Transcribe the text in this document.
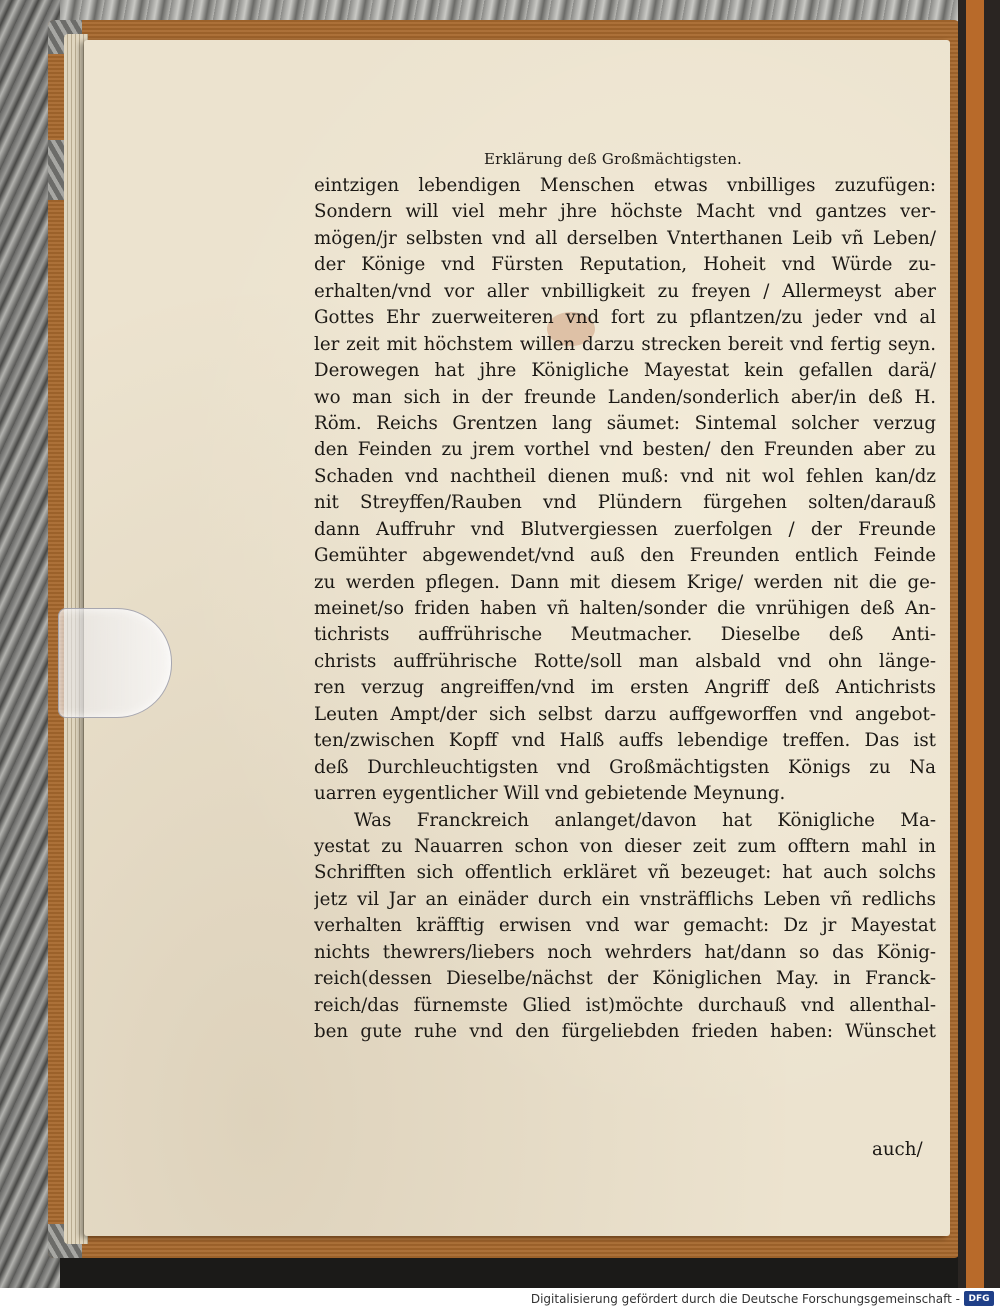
Erklärung deß Großmächtigsten.
eintzigen lebendigen Menschen etwas vnbilliges zuzufügen:
Sondern will viel mehr jhre höchste Macht vnd gantzes ver-
mögen/jr selbsten vnd all derselben Vnterthanen Leib vñ Leben/
der Könige vnd Fürsten Reputation, Hoheit vnd Würde zu-
erhalten/vnd vor aller vnbilligkeit zu freyen / Allermeyst aber
Gottes Ehr zuerweiteren vnd fort zu pflantzen/zu jeder vnd al
ler zeit mit höchstem willen darzu strecken bereit vnd fertig seyn.
Derowegen hat jhre Königliche Mayestat kein gefallen darä/
wo man sich in der freunde Landen/sonderlich aber/in deß H.
Röm. Reichs Grentzen lang säumet: Sintemal solcher verzug
den Feinden zu jrem vorthel vnd besten/ den Freunden aber zu
Schaden vnd nachtheil dienen muß: vnd nit wol fehlen kan/dz
nit Streyffen/Rauben vnd Plündern fürgehen solten/darauß
dann Auffruhr vnd Blutvergiessen zuerfolgen / der Freunde
Gemühter abgewendet/vnd auß den Freunden entlich Feinde
zu werden pflegen. Dann mit diesem Krige/ werden nit die ge-
meinet/so friden haben vñ halten/sonder die vnrühigen deß An-
tichrists auffrührische Meutmacher. Dieselbe deß Anti-
christs auffrührische Rotte/soll man alsbald vnd ohn länge-
ren verzug angreiffen/vnd im ersten Angriff deß Antichrists
Leuten Ampt/der sich selbst darzu auffgeworffen vnd angebot-
ten/zwischen Kopff vnd Halß auffs lebendige treffen. Das ist
deß Durchleuchtigsten vnd Großmächtigsten Königs zu Na
uarren eygentlicher Will vnd gebietende Meynung.
Was Franckreich anlanget/davon hat Königliche Ma-
yestat zu Nauarren schon von dieser zeit zum offtern mahl in
Schrifften sich offentlich erkläret vñ bezeuget: hat auch solchs
jetz vil Jar an einäder durch ein vnsträfflichs Leben vñ redlichs
verhalten kräfftig erwisen vnd war gemacht: Dz jr Mayestat
nichts thewrers/liebers noch wehrders hat/dann so das König-
reich(dessen Dieselbe/nächst der Königlichen May. in Franck-
reich/das fürnemste Glied ist)möchte durchauß vnd allenthal-
ben gute ruhe vnd den fürgeliebden frieden haben: Wünschet
auch/
Digitalisierung gefördert durch die Deutsche Forschungsgemeinschaft - DFG
